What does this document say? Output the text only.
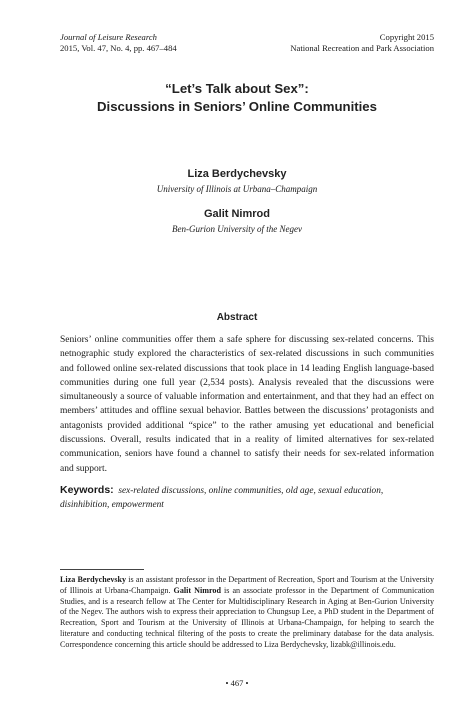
Journal of Leisure Research
2015, Vol. 47, No. 4, pp. 467–484
Copyright 2015
National Recreation and Park Association
“Let’s Talk about Sex”:
Discussions in Seniors’ Online Communities
Liza Berdychevsky
University of Illinois at Urbana–Champaign
Galit Nimrod
Ben-Gurion University of the Negev
Abstract
Seniors’ online communities offer them a safe sphere for discussing sex-related concerns. This netnographic study explored the characteristics of sex-related discussions in such communities and followed online sex-related discussions that took place in 14 leading English language-based communities during one full year (2,534 posts). Analysis revealed that the discussions were simultaneously a source of valuable information and entertainment, and that they had an effect on members’ attitudes and offline sexual behavior. Battles between the discussions’ protagonists and antagonists provided additional “spice” to the rather amusing yet educational and beneficial discussions. Overall, results indicated that in a reality of limited alternatives for sex-related communication, seniors have found a channel to satisfy their needs for sex-related information and support.
Keywords: sex-related discussions, online communities, old age, sexual education, disinhibition, empowerment
Liza Berdychevsky is an assistant professor in the Department of Recreation, Sport and Tourism at the University of Illinois at Urbana-Champaign. Galit Nimrod is an associate professor in the Department of Communication Studies, and is a research fellow at The Center for Multidisciplinary Research in Aging at Ben-Gurion University of the Negev. The authors wish to express their appreciation to Chungsup Lee, a PhD student in the Department of Recreation, Sport and Tourism at the University of Illinois at Urbana-Champaign, for helping to search the literature and conducting technical filtering of the posts to create the preliminary database for the data analysis. Correspondence concerning this article should be addressed to Liza Berdychevsky, lizabk@illinois.edu.
• 467 •
